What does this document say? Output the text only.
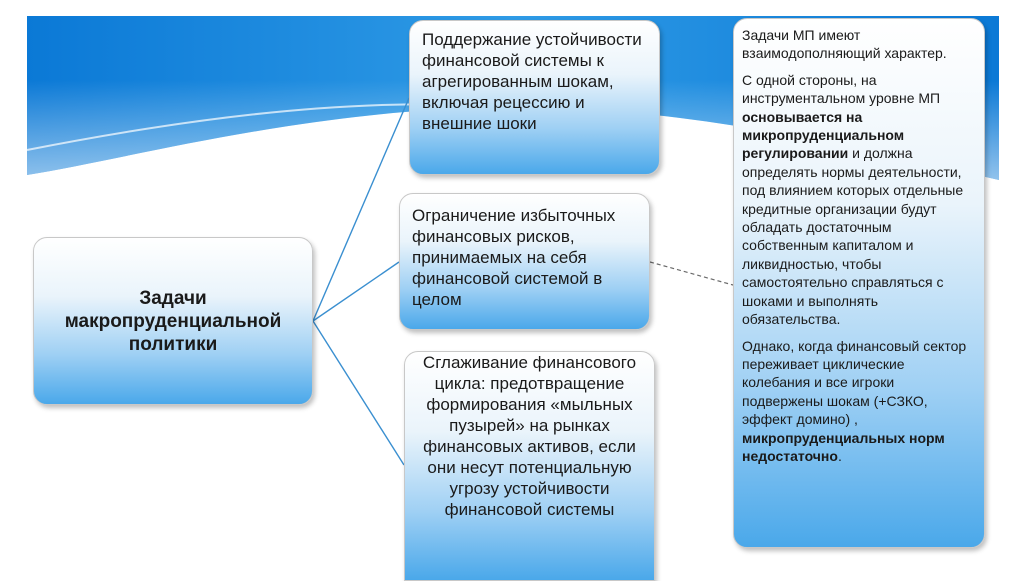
Задачи макропруденциальной политики
Поддержание устойчивости финансовой системы к агрегированным шокам, включая рецессию и внешние шоки
Ограничение избыточных финансовых рисков, принимаемых на себя финансовой системой в целом
Сглаживание финансового цикла: предотвращение формирования «мыльных пузырей» на рынках финансовых активов, если они несут потенциальную угрозу устойчивости финансовой системы

Задачи МП имеют взаимодополняющий характер.

С одной стороны, на инструментальном уровне МП основывается на микропруденциальном регулировании и должна определять нормы деятельности, под влиянием которых отдельные кредитные организации будут обладать достаточным собственным капиталом и ликвидностью, чтобы самостоятельно справляться с шоками и выполнять обязательства.

Однако, когда финансовый сектор переживает циклические колебания и все игроки подвержены шокам (+СЗКО, эффект домино) , микропруденциальных норм недостаточно.
